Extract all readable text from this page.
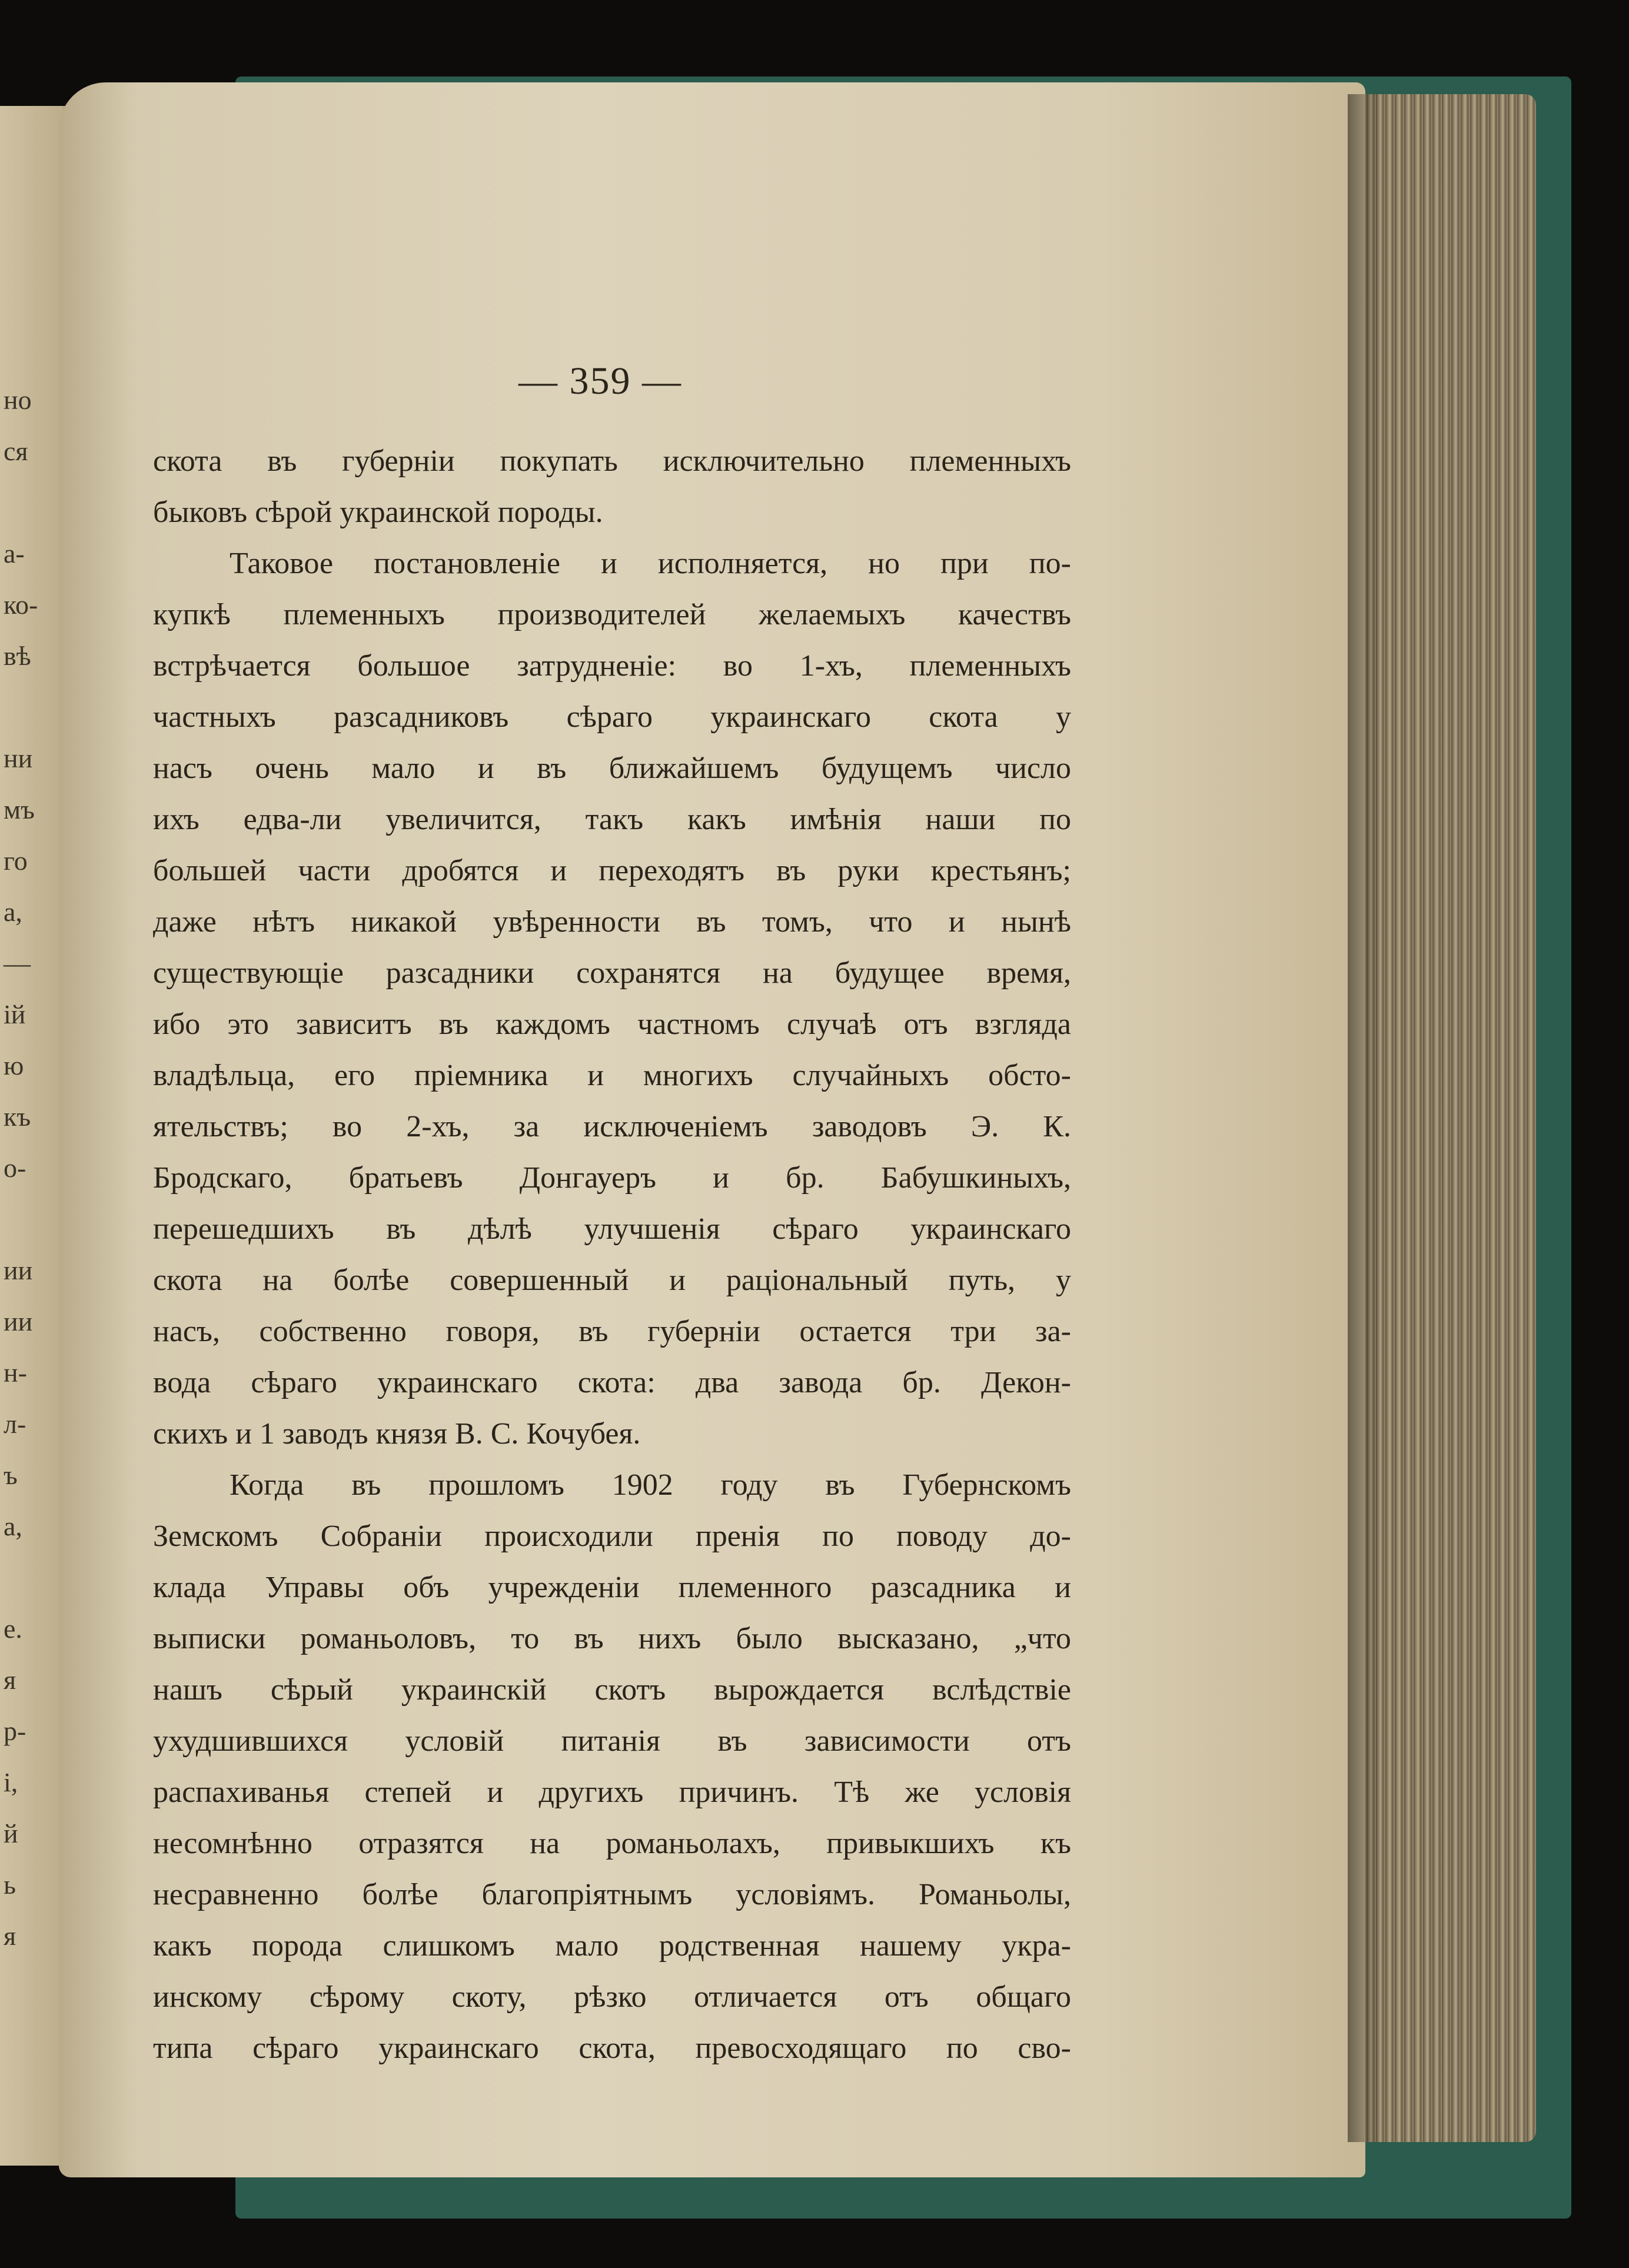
но
ся
а-
ко-
вѣ
ни
мъ
го
а,
—
ій
ю
къ
о-
ии
ии
н-
л-
ъ
а,
е.
я
р-
і,
й
ь
я
— 359 —
скота въ губерніи покупать исключительно племенныхъ
быковъ сѣрой украинской породы.
Таковое постановленіе и исполняется, но при по-
купкѣ племенныхъ производителей желаемыхъ качествъ
встрѣчается большое затрудненіе: во 1-хъ, племенныхъ
частныхъ разсадниковъ сѣраго украинскаго скота у
насъ очень мало и въ ближайшемъ будущемъ число
ихъ едва-ли увеличится, такъ какъ имѣнія наши по
большей части дробятся и переходятъ въ руки крестьянъ;
даже нѣтъ никакой увѣренности въ томъ, что и нынѣ
существующіе разсадники сохранятся на будущее время,
ибо это зависитъ въ каждомъ частномъ случаѣ отъ взгляда
владѣльца, его пріемника и многихъ случайныхъ обсто-
ятельствъ; во 2-хъ, за исключеніемъ заводовъ Э. К.
Бродскаго, братьевъ Донгауеръ и бр. Бабушкиныхъ,
перешедшихъ въ дѣлѣ улучшенія сѣраго украинскаго
скота на болѣе совершенный и раціональный путь, у
насъ, собственно говоря, въ губерніи остается три за-
вода сѣраго украинскаго скота: два завода бр. Декон-
скихъ и 1 заводъ князя В. С. Кочубея.
Когда въ прошломъ 1902 году въ Губернскомъ
Земскомъ Собраніи происходили пренія по поводу до-
клада Управы объ учрежденіи племенного разсадника и
выписки романьоловъ, то въ нихъ было высказано, „что
нашъ сѣрый украинскій скотъ вырождается вслѣдствіе
ухудшившихся условій питанія въ зависимости отъ
распахиванья степей и другихъ причинъ. Тѣ же условія
несомнѣнно отразятся на романьолахъ, привыкшихъ къ
несравненно болѣе благопріятнымъ условіямъ. Романьолы,
какъ порода слишкомъ мало родственная нашему укра-
инскому сѣрому скоту, рѣзко отличается отъ общаго
типа сѣраго украинскаго скота, превосходящаго по сво-
